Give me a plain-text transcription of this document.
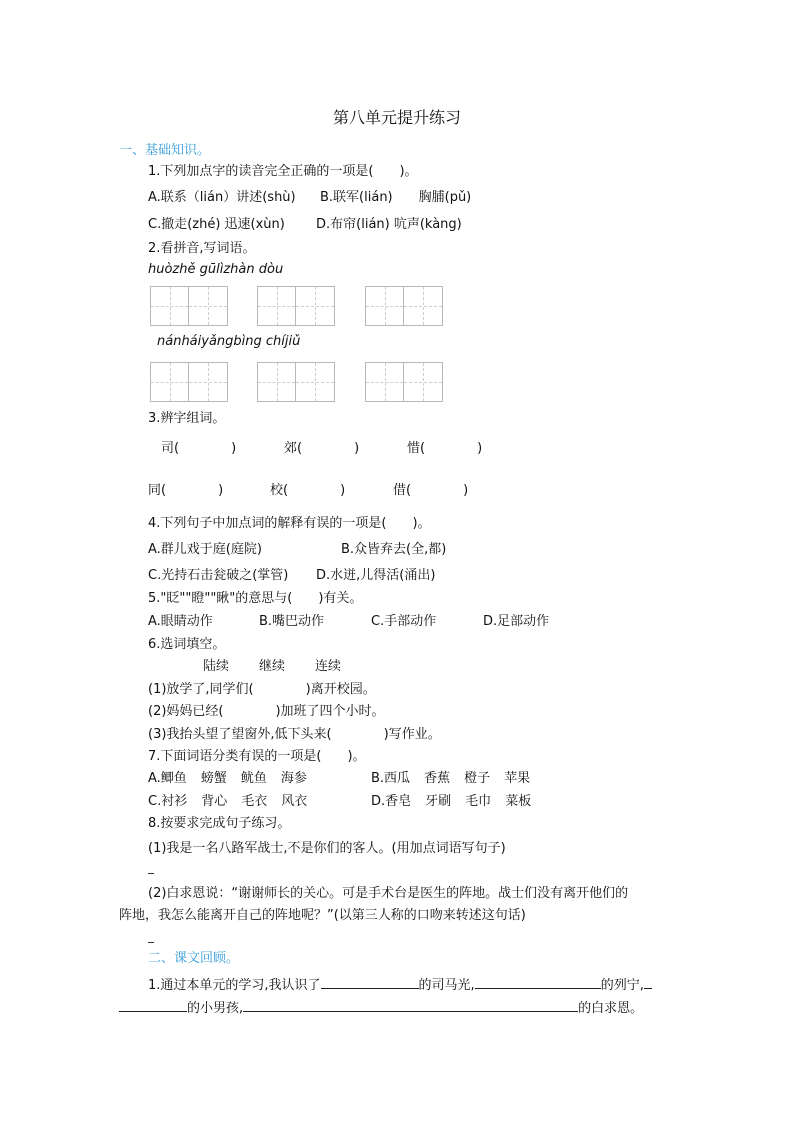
第八单元提升练习
一、基础知识。
1.下列加点字的读音完全正确的一项是(　　)。
A.联系（lián）讲述(shù) B.联军(lián)　　胸脯(pǔ)
C.撤走(zhé) 迅速(xùn) D.布帘(lián) 吭声(kàng)
2.看拼音,写词语。
huòzhě gūlìzhàn dòu
nánháiyǎngbìng chíjiǔ
3.辨字组词。
司(　　　　)	郊(　　　　)	惜(　　　　)
同(　　　　)	校(　　　　)	借(　　　　)
4.下列句子中加点词的解释有误的一项是(　　)。
A.群儿戏于庭(庭院)	B.众皆弃去(全,都)
C.光持石击瓮破之(掌管) D.水迸,儿得活(涌出)
5."眨""瞪""瞅"的意思与(　　)有关。
A.眼睛动作	B.嘴巴动作	C.手部动作	D.足部动作
6.选词填空。
陆续 继续 连续
(1)放学了,同学们(　　　　)离开校园。
(2)妈妈已经(　　　　)加班了四个小时。
(3)我抬头望了望窗外,低下头来(　　　　)写作业。
7.下面词语分类有误的一项是(　　)。
A.鲫鱼 螃蟹 鱿鱼 海参	B.西瓜 香蕉 橙子 苹果
C.衬衫 背心 毛衣 风衣	D.香皂 牙刷 毛巾 菜板
8.按要求完成句子练习。
(1)我是一名八路军战士,不是你们的客人。(用加点词语写句子)
(2)白求恩说：“谢谢师长的关心。可是手术台是医生的阵地。战士们没有离开他们的
阵地，我怎么能离开自己的阵地呢？”(以第三人称的口吻来转述这句话)
二、课文回顾。
1.通过本单元的学习,我认识了	的司马光,	的列宁,
的小男孩,	的白求恩。
